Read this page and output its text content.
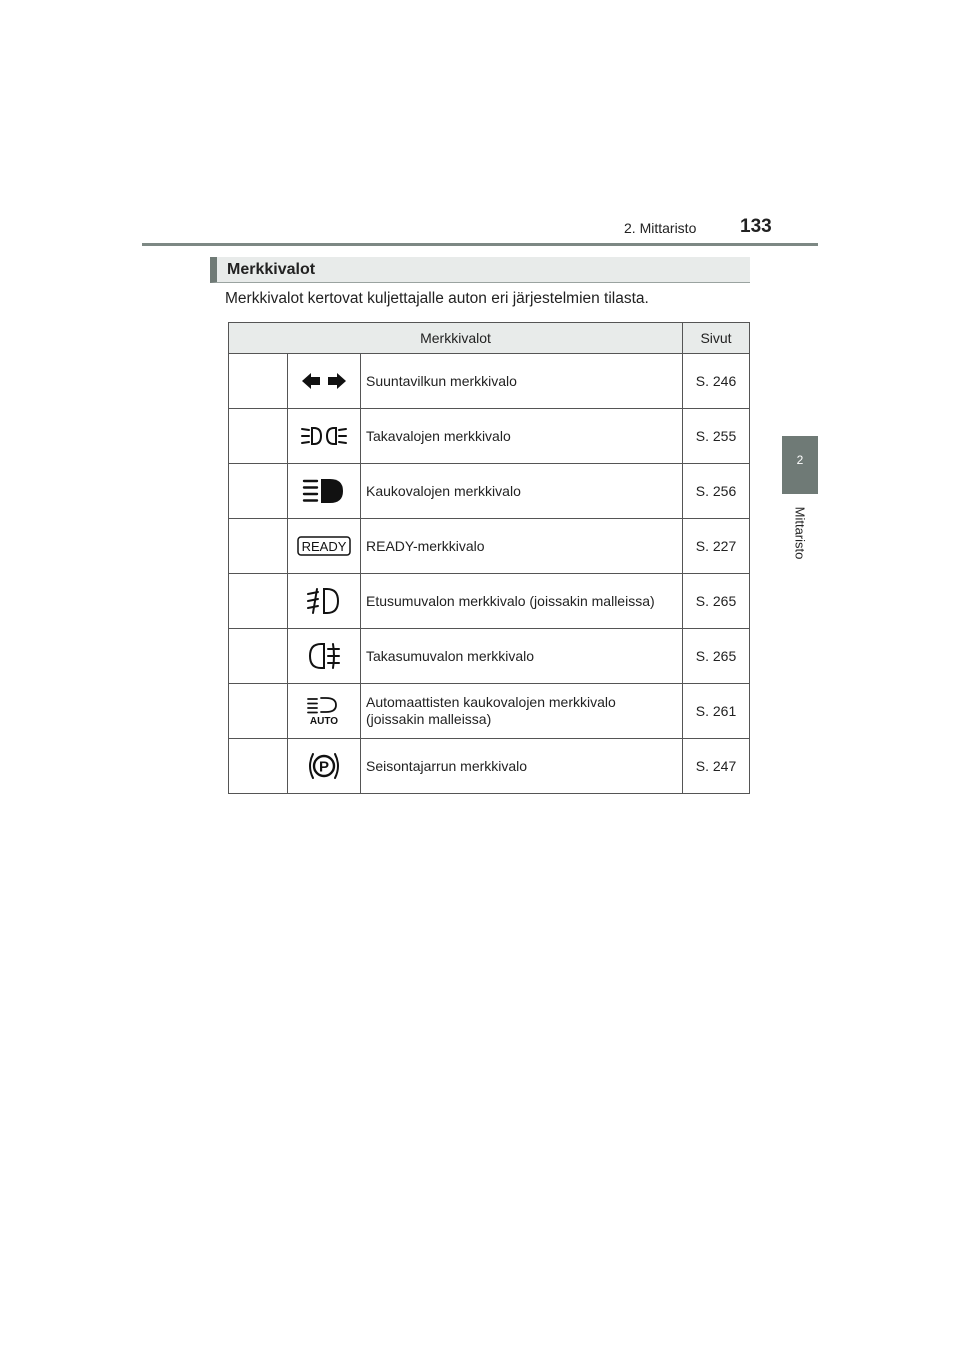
2. Mittaristo 133
2
Mittaristo
Merkkivalot
Merkkivalot kertovat kuljettajalle auton eri järjestelmien tilasta.
Merkkivalot			Sivut

	Suuntavilkun merkkivalo	S. 246

	Takavalojen merkkivalo	S. 255

	Kaukovalojen merkkivalo	S. 256

READY	READY-merkkivalo	S. 227

	Etusumuvalon merkkivalo (joissakin malleissa)	S. 265

	Takasumuvalon merkkivalo	S. 265

AUTO	Automaattisten kaukovalojen merkkivalo
(joissakin malleissa)	S. 261

P	Seisontajarrun merkkivalo	S. 247
